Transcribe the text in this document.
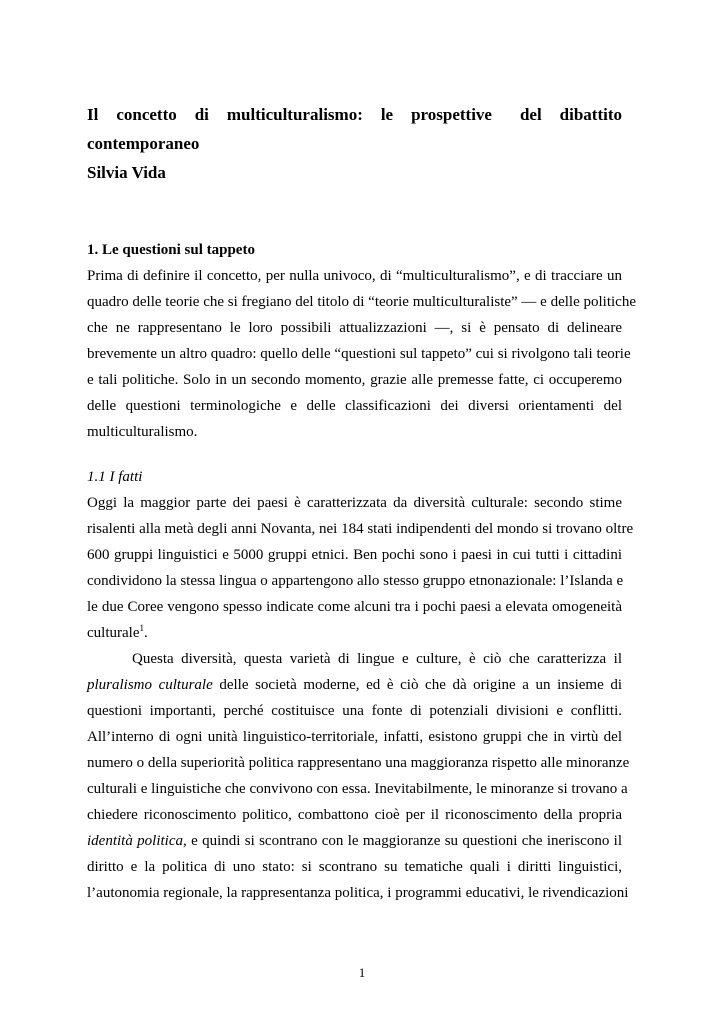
Il concetto di multiculturalismo: le prospettive del dibattito
contemporaneo
Silvia Vida
1. Le questioni sul tappeto
Prima di definire il concetto, per nulla univoco, di “multiculturalismo”, e di tracciare un
quadro delle teorie che si fregiano del titolo di “teorie multiculturaliste” — e delle politiche
che ne rappresentano le loro possibili attualizzazioni —, si è pensato di delineare
brevemente un altro quadro: quello delle “questioni sul tappeto” cui si rivolgono tali teorie
e tali politiche. Solo in un secondo momento, grazie alle premesse fatte, ci occuperemo
delle questioni terminologiche e delle classificazioni dei diversi orientamenti del
multiculturalismo.
1.1 I fatti
Oggi la maggior parte dei paesi è caratterizzata da diversità culturale: secondo stime
risalenti alla metà degli anni Novanta, nei 184 stati indipendenti del mondo si trovano oltre
600 gruppi linguistici e 5000 gruppi etnici. Ben pochi sono i paesi in cui tutti i cittadini
condividono la stessa lingua o appartengono allo stesso gruppo etnonazionale: l’Islanda e
le due Coree vengono spesso indicate come alcuni tra i pochi paesi a elevata omogeneità
culturale$^1$.
Questa diversità, questa varietà di lingue e culture, è ciò che caratterizza il
pluralismo culturale delle società moderne, ed è ciò che dà origine a un insieme di
questioni importanti, perché costituisce una fonte di potenziali divisioni e conflitti.
All’interno di ogni unità linguistico-territoriale, infatti, esistono gruppi che in virtù del
numero o della superiorità politica rappresentano una maggioranza rispetto alle minoranze
culturali e linguistiche che convivono con essa. Inevitabilmente, le minoranze si trovano a
chiedere riconoscimento politico, combattono cioè per il riconoscimento della propria
identità politica, e quindi si scontrano con le maggioranze su questioni che ineriscono il
diritto e la politica di uno stato: si scontrano su tematiche quali i diritti linguistici,
l’autonomia regionale, la rappresentanza politica, i programmi educativi, le rivendicazioni
1
